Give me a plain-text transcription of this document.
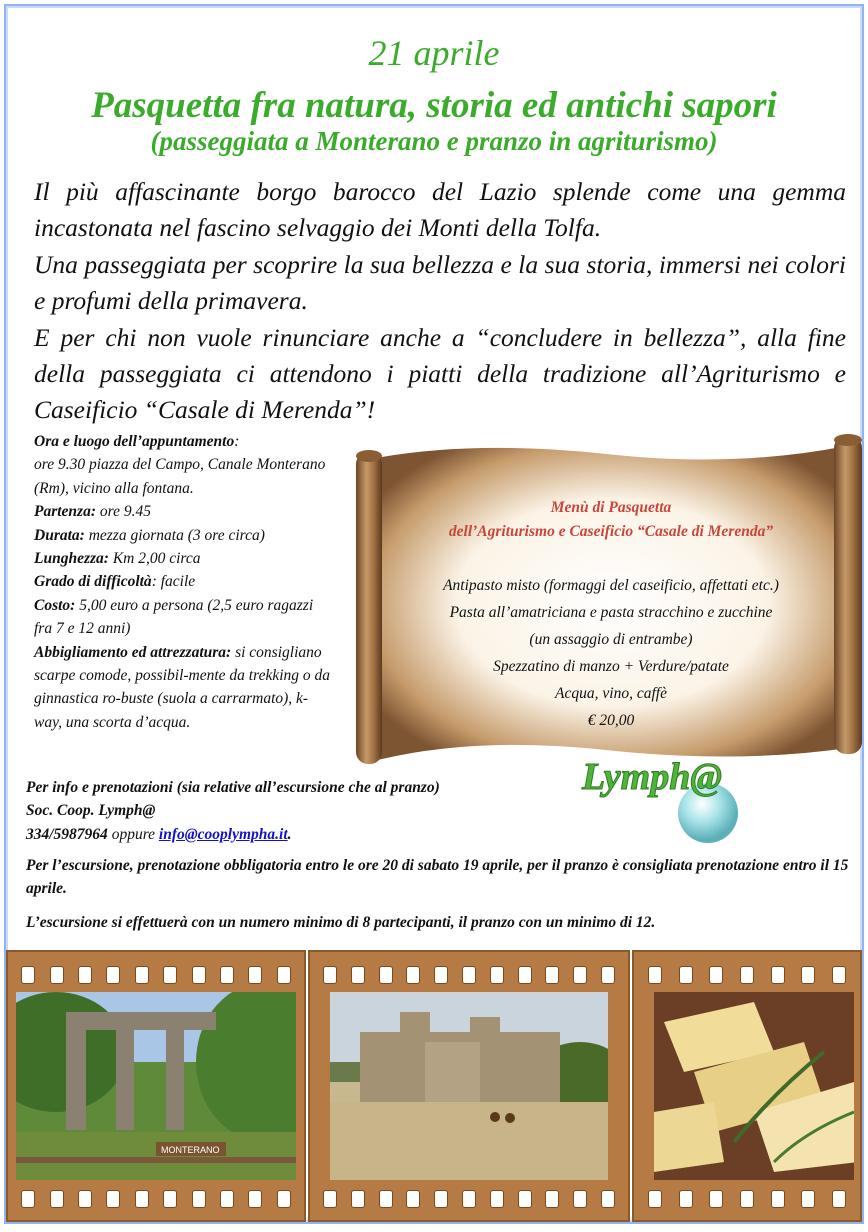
21 aprile
Pasquetta fra natura, storia ed antichi sapori
(passeggiata a Monterano e pranzo in agriturismo)

Il più affascinante borgo barocco del Lazio splende come una gemma incastonata nel fascino selvaggio dei Monti della Tolfa.

Una passeggiata per scoprire la sua bellezza e la sua storia, immersi nei colori e profumi della primavera.

E per chi non vuole rinunciare anche a “concludere in bellezza”, alla fine della passeggiata ci attendono i piatti della tradizione all’Agriturismo e Caseificio “Casale di Merenda”!

Ora e luogo dell’appuntamento:
ore 9.30 piazza del Campo, Canale Monterano (Rm), vicino alla fontana.

Partenza: ore 9.45

Durata: mezza giornata (3 ore circa)

Lunghezza: Km 2,00 circa

Grado di difficoltà: facile

Costo: 5,00 euro a persona (2,5 euro ragazzi fra 7 e 12 anni)

Abbigliamento ed attrezzatura: si consigliano scarpe comode, possibil-mente da trekking o da ginnastica ro-buste (suola a carrarmato), k-way, una scorta d’acqua.

Menù di Pasquetta
dell’Agriturismo e Caseificio “Casale di Merenda”
Antipasto misto (formaggi del caseificio, affettati etc.)
Pasta all’amatriciana e pasta stracchino e zucchine
(un assaggio di entrambe)
Spezzatino di manzo + Verdure/patate
Acqua, vino, caffè
€ 20,00

Per info e prenotazioni (sia relative all’escursione che al pranzo)

Soc. Coop. Lymph@

334/5987964 oppure info@cooplympha.it.

Lymph@

Per l’escursione, prenotazione obbligatoria entro le ore 20 di sabato 19 aprile, per il pranzo è consigliata prenotazione entro il 15 aprile.

L’escursione si effettuerà con un numero minimo di 8 partecipanti, il pranzo con un minimo di 12.

MONTERANO
